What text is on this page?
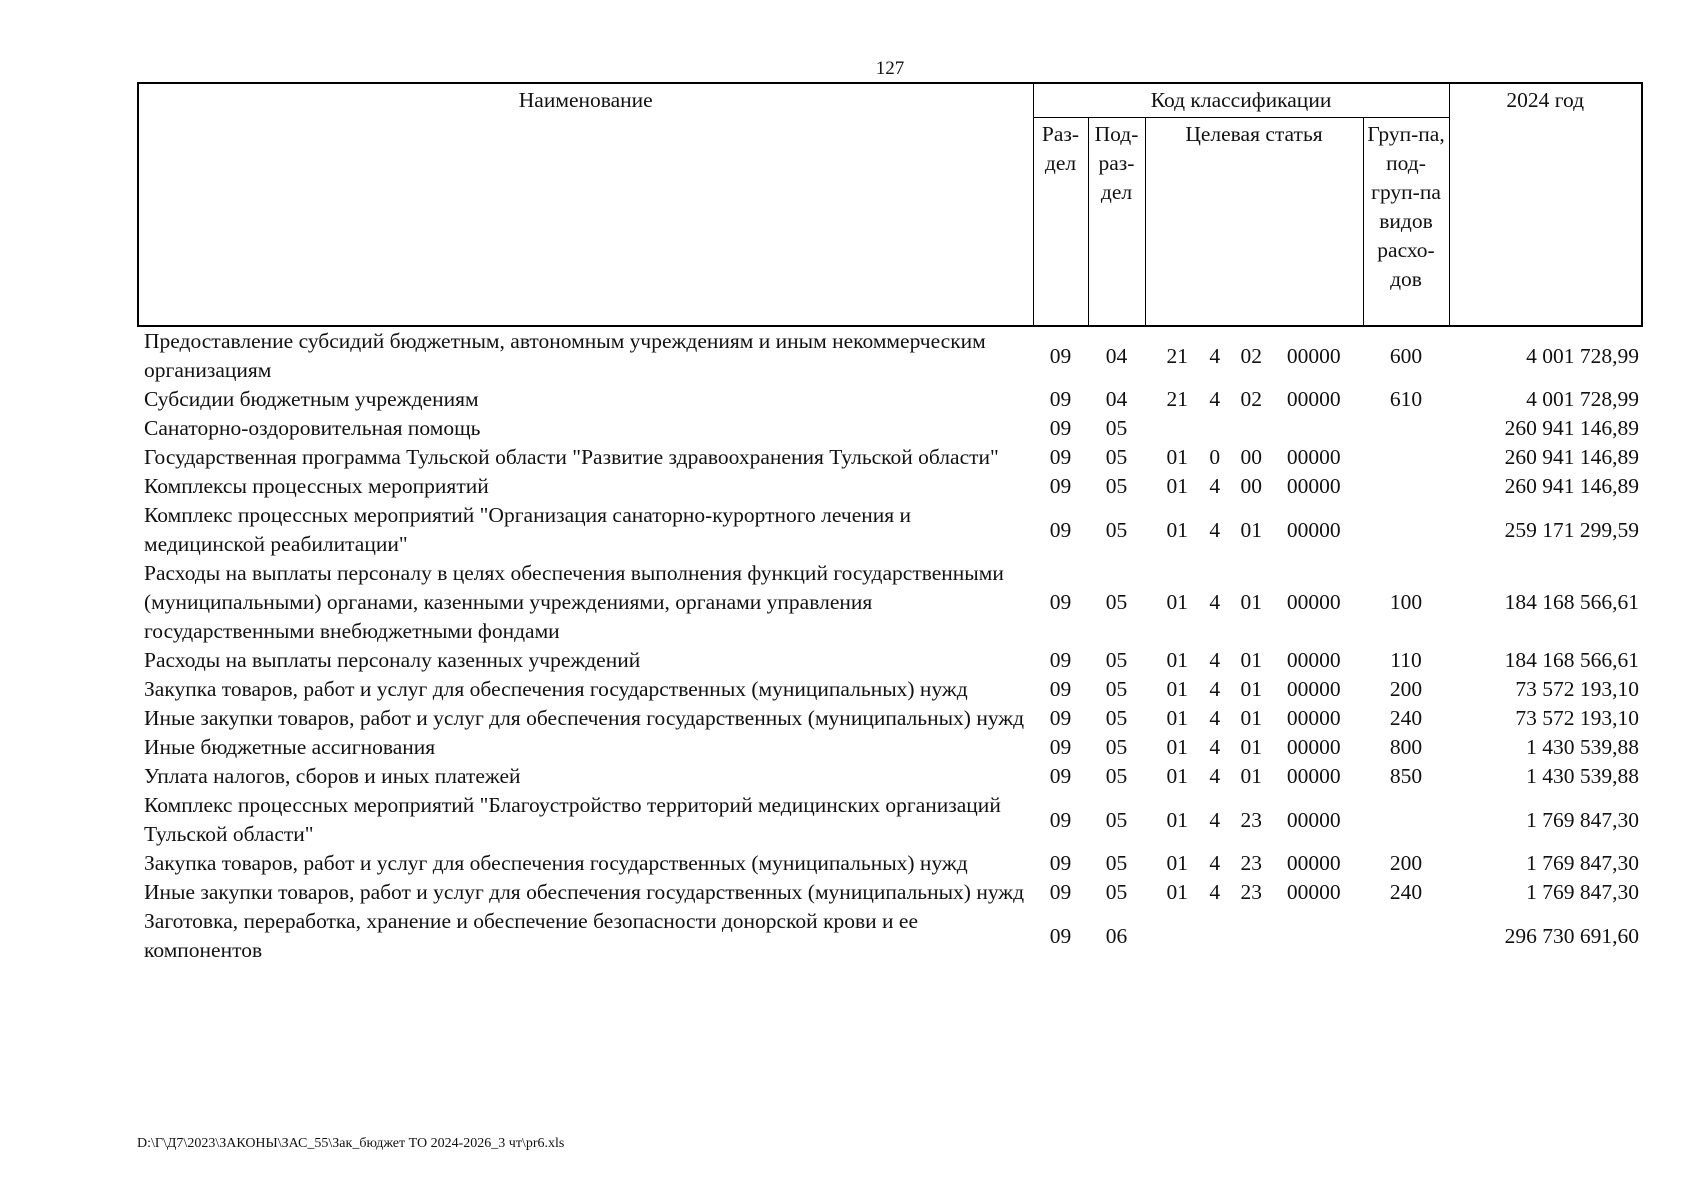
127
Наименование	Код классификации				2024 год
	Раз-дел	Под-раз-дел	Целевая статья	Груп-па, под-груп-па видов расхо-дов	
Предоставление субсидий бюджетным, автономным учреждениям и иным некоммерческим организациям	09	04	21 4 02 00000	600	4 001 728,99
Субсидии бюджетным учреждениям	09	04	21 4 02 00000	610	4 001 728,99
Санаторно-оздоровительная помощь	09	05			260 941 146,89
Государственная программа Тульской области "Развитие здравоохранения Тульской области"	09	05	01 0 00 00000		260 941 146,89
Комплексы процессных мероприятий	09	05	01 4 00 00000		260 941 146,89
Комплекс процессных мероприятий "Организация санаторно-курортного лечения и медицинской реабилитации"	09	05	01 4 01 00000		259 171 299,59
Расходы на выплаты персоналу в целях обеспечения выполнения функций государственными (муниципальными) органами, казенными учреждениями, органами управления государственными внебюджетными фондами	09	05	01 4 01 00000	100	184 168 566,61
Расходы на выплаты персоналу казенных учреждений	09	05	01 4 01 00000	110	184 168 566,61
Закупка товаров, работ и услуг для обеспечения государственных (муниципальных) нужд	09	05	01 4 01 00000	200	73 572 193,10
Иные закупки товаров, работ и услуг для обеспечения государственных (муниципальных) нужд	09	05	01 4 01 00000	240	73 572 193,10
Иные бюджетные ассигнования	09	05	01 4 01 00000	800	1 430 539,88
Уплата налогов, сборов и иных платежей	09	05	01 4 01 00000	850	1 430 539,88
Комплекс процессных мероприятий "Благоустройство территорий медицинских организаций Тульской области"	09	05	01 4 23 00000		1 769 847,30
Закупка товаров, работ и услуг для обеспечения государственных (муниципальных) нужд	09	05	01 4 23 00000	200	1 769 847,30
Иные закупки товаров, работ и услуг для обеспечения государственных (муниципальных) нужд	09	05	01 4 23 00000	240	1 769 847,30
Заготовка, переработка, хранение и обеспечение безопасности донорской крови и ее компонентов	09	06			296 730 691,60
D:\Г\Д7\2023\ЗАКОНЫ\ЗАС_55\Зак_бюджет ТО 2024-2026_3 чт\pr6.xls
